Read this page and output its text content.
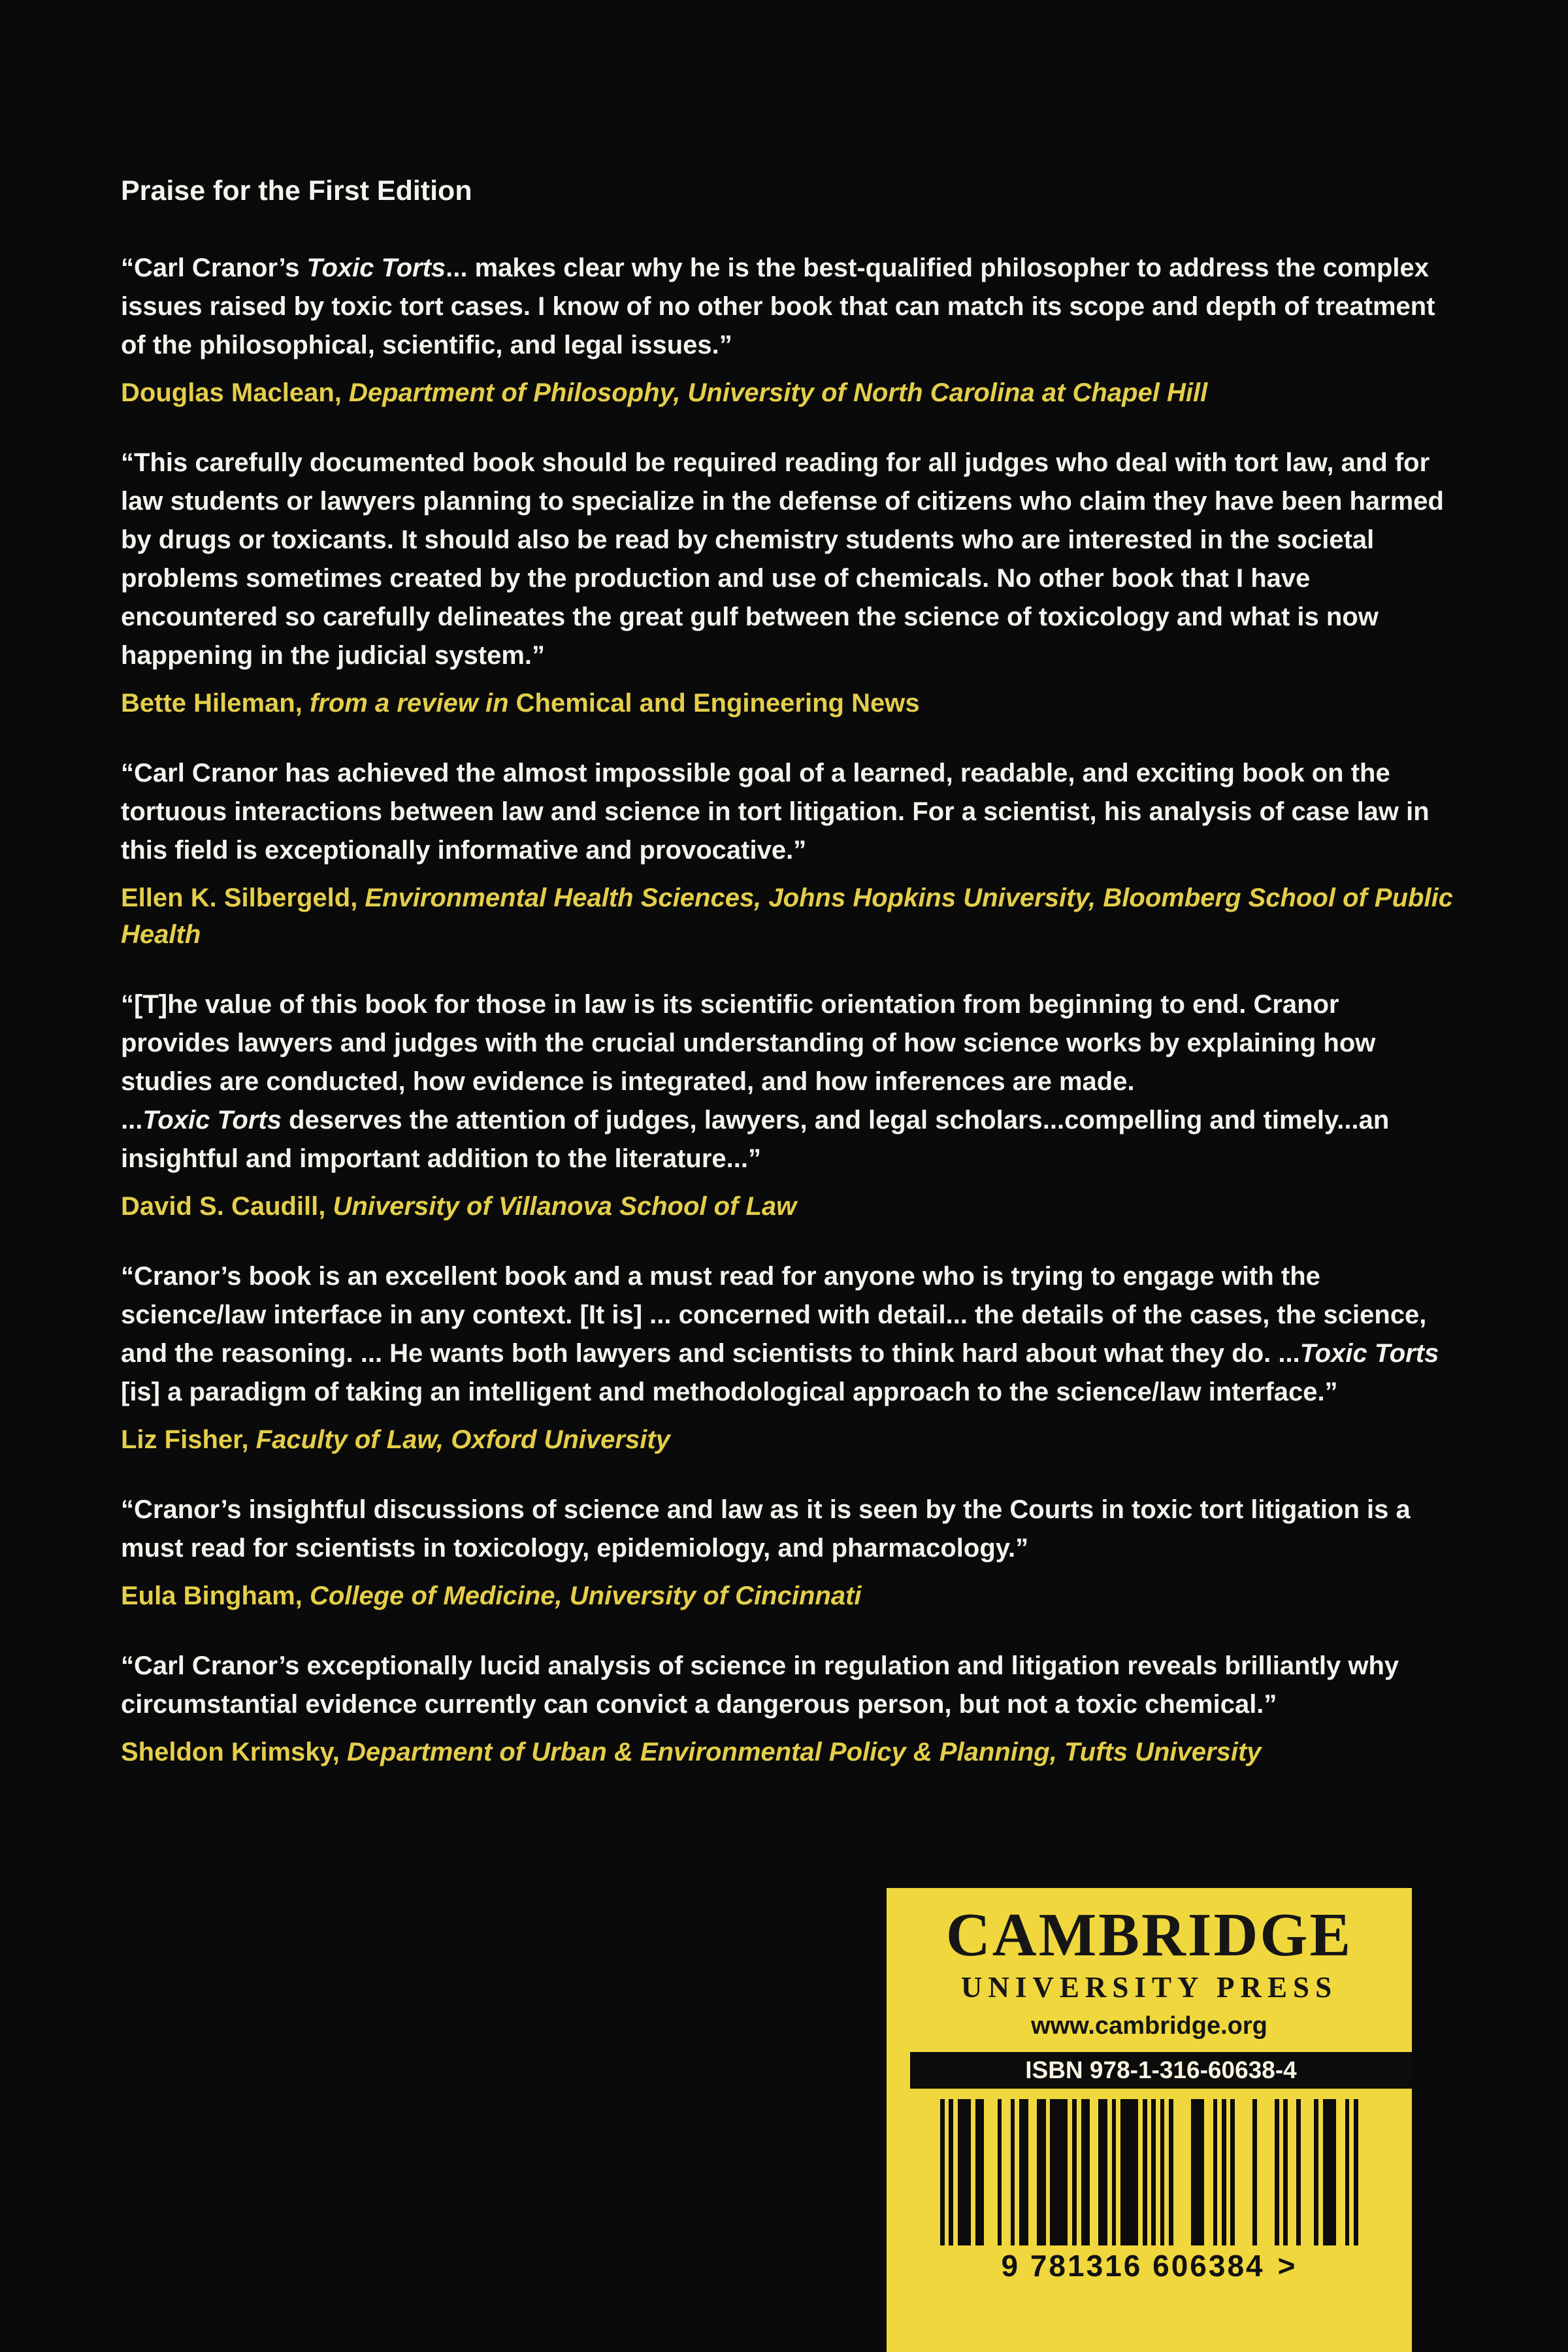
Praise for the First Edition

“Carl Cranor’s Toxic Torts... makes clear why he is the best-qualified philosopher to address the complex issues raised by toxic tort cases. I know of no other book that can match its scope and depth of treatment of the philosophical, scientific, and legal issues.”

Douglas Maclean, Department of Philosophy, University of North Carolina at Chapel Hill

“This carefully documented book should be required reading for all judges who deal with tort law, and for law students or lawyers planning to specialize in the defense of citizens who claim they have been harmed by drugs or toxicants. It should also be read by chemistry students who are interested in the societal problems sometimes created by the production and use of chemicals. No other book that I have encountered so carefully delineates the great gulf between the science of toxicology and what is now happening in the judicial system.”

Bette Hileman, from a review in Chemical and Engineering News

“Carl Cranor has achieved the almost impossible goal of a learned, readable, and exciting book on the tortuous interactions between law and science in tort litigation. For a scientist, his analysis of case law in this field is exceptionally informative and provocative.”

Ellen K. Silbergeld, Environmental Health Sciences, Johns Hopkins University, Bloomberg School of Public Health

“[T]he value of this book for those in law is its scientific orientation from beginning to end. Cranor provides lawyers and judges with the crucial understanding of how science works by explaining how studies are conducted, how evidence is integrated, and how inferences are made.

...Toxic Torts deserves the attention of judges, lawyers, and legal scholars...compelling and timely...an insightful and important addition to the literature...”

David S. Caudill, University of Villanova School of Law

“Cranor’s book is an excellent book and a must read for anyone who is trying to engage with the science/law interface in any context. [It is] ... concerned with detail... the details of the cases, the science, and the reasoning. ... He wants both lawyers and scientists to think hard about what they do. ...Toxic Torts [is] a paradigm of taking an intelligent and methodological approach to the science/law interface.”

Liz Fisher, Faculty of Law, Oxford University

“Cranor’s insightful discussions of science and law as it is seen by the Courts in toxic tort litigation is a must read for scientists in toxicology, epidemiology, and pharmacology.”

Eula Bingham, College of Medicine, University of Cincinnati

“Carl Cranor’s exceptionally lucid analysis of science in regulation and litigation reveals brilliantly why circumstantial evidence currently can convict a dangerous person, but not a toxic chemical.”

Sheldon Krimsky, Department of Urban & Environmental Policy & Planning, Tufts University

CAMBRIDGE
UNIVERSITY PRESS
www.cambridge.org
ISBN 978-1-316-60638-4
9 781316 606384 >
